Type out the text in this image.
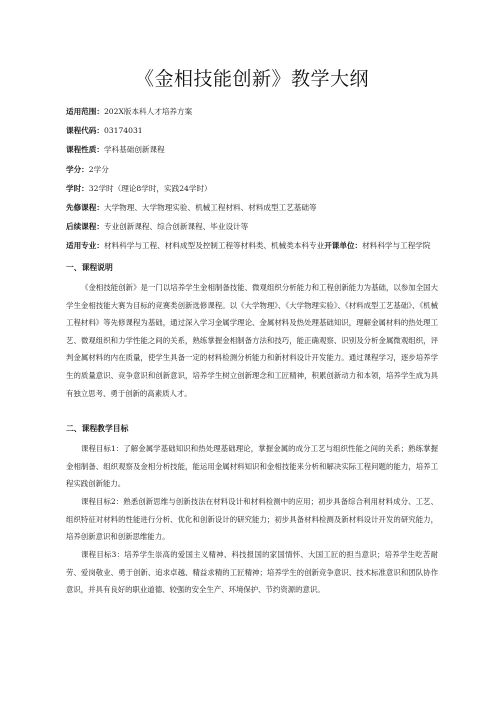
《金相技能创新》教学大纲
适用范围：202X版本科人才培养方案
课程代码：03174031
课程性质：学科基础创新课程
学分：2学分
学时：32学时（理论8学时，实践24学时）
先修课程：大学物理、大学物理实验、机械工程材料、材料成型工艺基础等
后续课程：专业创新课程、综合创新课程、毕业设计等
适用专业：材料科学与工程、材料成型及控制工程等材料类、机械类本科专业开课单位：材料科学与工程学院
一、课程说明

《金相技能创新》是一门以培养学生金相制备技能、微观组织分析能力和工程创新能力为基础，以参加全国大学生金相技能大赛为目标的竞赛类创新选修课程。以《大学物理》、《大学物理实验》、《材料成型工艺基础》、《机械工程材料》等先修课程为基础，通过深入学习金属学理论、金属材料及热处理基础知识，理解金属材料的热处理工艺、微观组织和力学性能之间的关系，熟练掌握金相制备方法和技巧，能正确观察、识别及分析金属微观组织，评判金属材料的内在质量，使学生具备一定的材料检测分析能力和新材料设计开发能力。通过课程学习，逐步培养学生的质量意识、竞争意识和创新意识，培养学生树立创新理念和工匠精神，积累创新动力和本领，培养学生成为具有独立思考、勇于创新的高素质人才。

二、课程教学目标

课程目标1：了解金属学基础知识和热处理基础理论，掌握金属的成分工艺与组织性能之间的关系；熟练掌握金相制备、组织观察及金相分析技能，能运用金属材料知识和金相技能来分析和解决实际工程问题的能力，培养工程实践创新能力。

课程目标2：熟悉创新思维与创新技法在材料设计和材料检测中的应用；初步具备综合利用材料成分、工艺、组织特征对材料的性能进行分析、优化和创新设计的研究能力；初步具备材料检测及新材料设计开发的研究能力，培养创新意识和创新思维能力。

课程目标3：培养学生崇高的爱国主义精神、科技报国的家国情怀、大国工匠的担当意识；培养学生吃苦耐劳、爱岗敬业、勇于创新、追求卓越、精益求精的工匠精神；培养学生的创新竞争意识、技术标准意识和团队协作意识，并具有良好的职业道德、较强的安全生产、环境保护、节约资源的意识。
